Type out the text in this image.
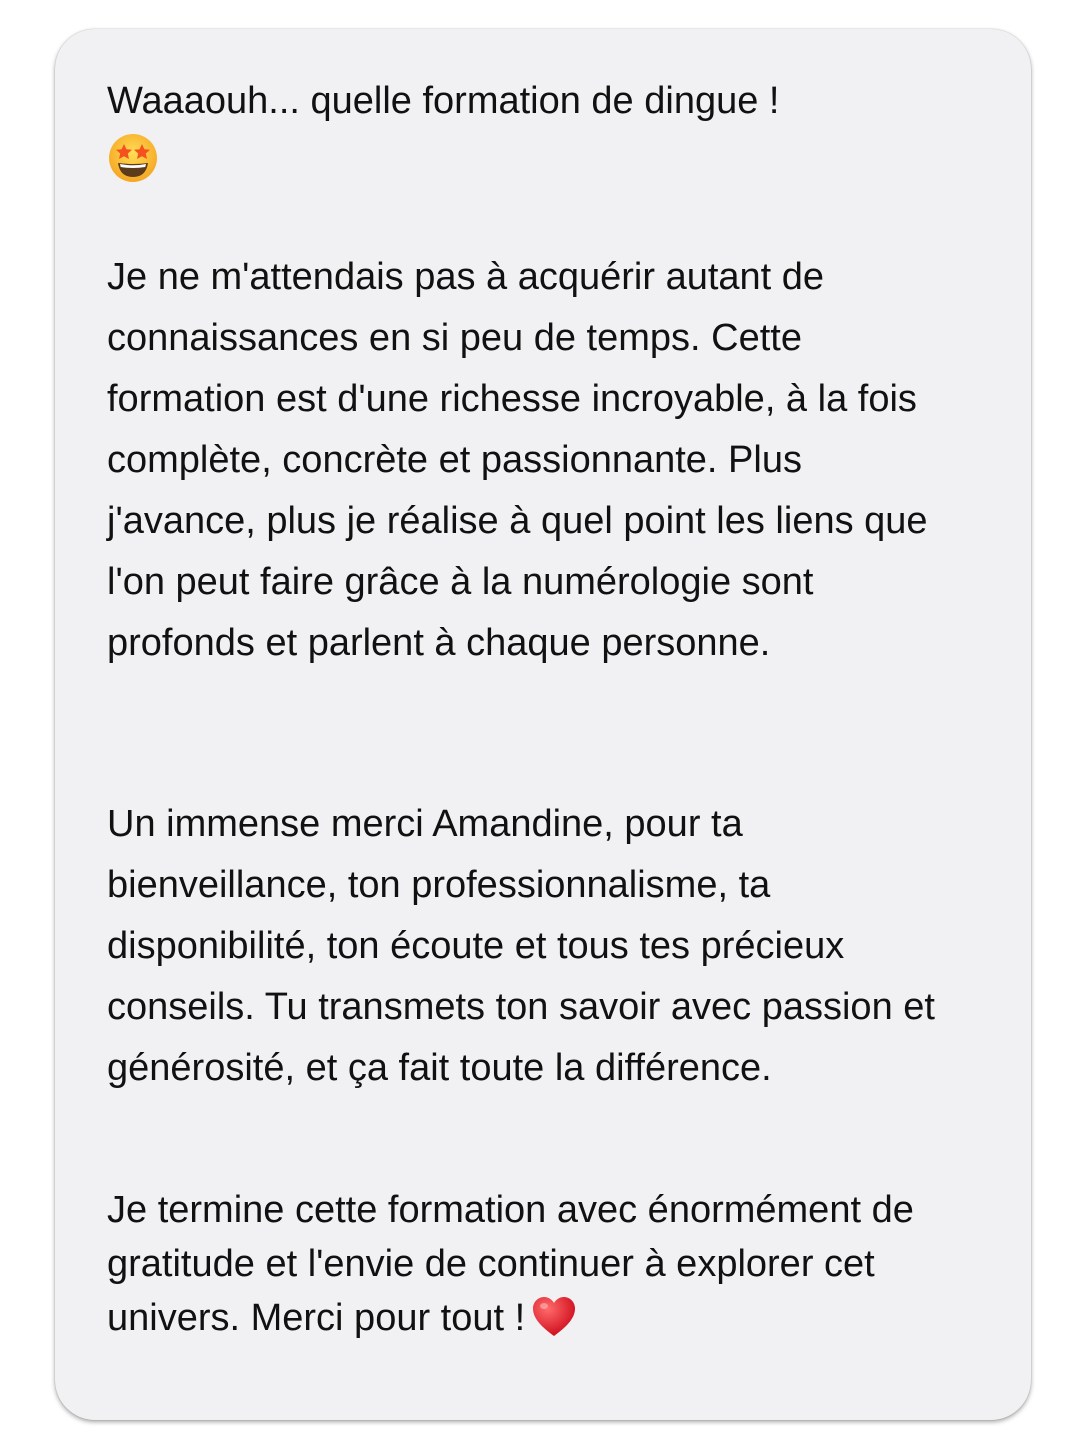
Waaaouh... quelle formation de dingue !

Je ne m'attendais pas à acquérir autant de connaissances en si peu de temps. Cette formation est d'une richesse incroyable, à la fois complète, concrète et passionnante. Plus j'avance, plus je réalise à quel point les liens que l'on peut faire grâce à la numérologie sont profonds et parlent à chaque personne.

Un immense merci Amandine, pour ta bienveillance, ton professionnalisme, ta disponibilité, ton écoute et tous tes précieux conseils. Tu transmets ton savoir avec passion et générosité, et ça fait toute la différence.

Je termine cette formation avec énormément de gratitude et l'envie de continuer à explorer cet univers. Merci pour tout !
